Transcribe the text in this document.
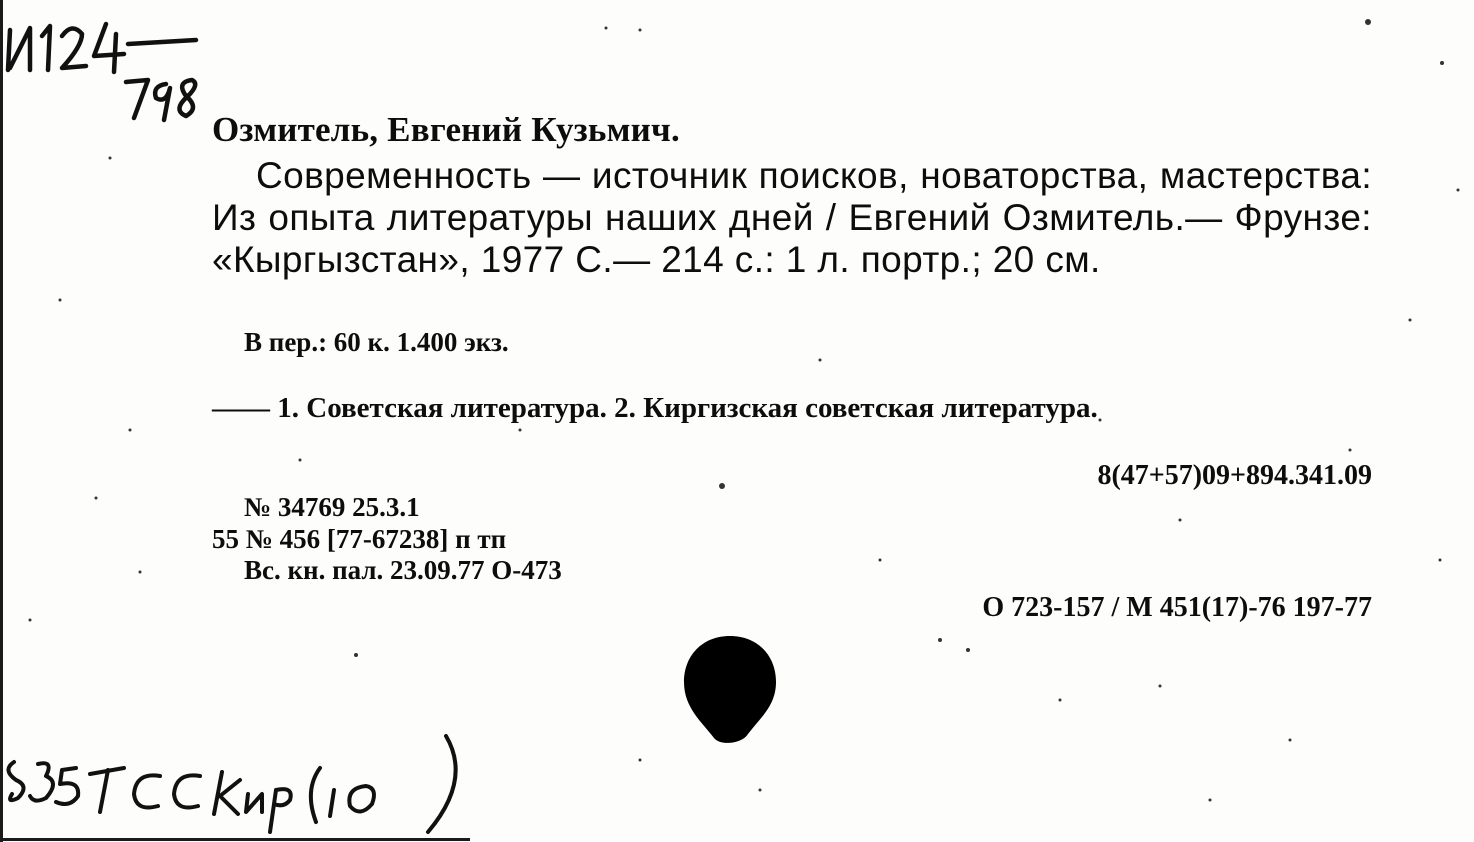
Озмитель, Евгений Кузьмич.

Современность — источник поисков, новаторства, мастерства: Из опыта литературы наших дней / Евгений Озмитель.— Фрунзе: «Кыргызстан», 1977 С.— 214 с.: 1 л. портр.; 20 см.

В пер.: 60 к. 1.400 экз.
—— 1. Советская литература. 2. Киргизская советская литература.
8(47+57)09+894.341.09
№ 34769 25.3.1
55 № 456 [77-67238] п тп
Вс. кн. пал. 23.09.77 О-473
О 723-157 / М 451(17)-76 197-77
